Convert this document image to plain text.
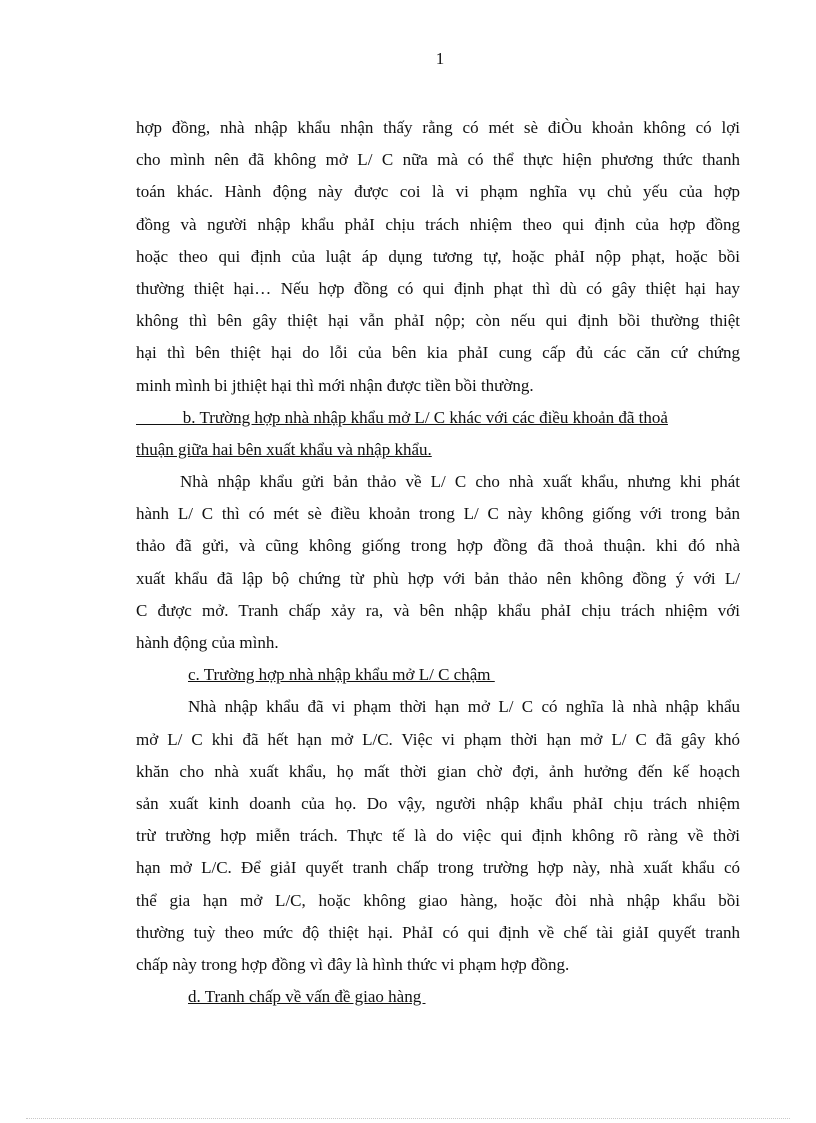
1
hợp đồng, nhà nhập khẩu nhận thấy rằng có mét sè điÒu khoản không có lợi
cho mình nên đã không mở L/ C nữa mà có thể thực hiện phương thức thanh
toán khác. Hành động này được coi là vi phạm nghĩa vụ chủ yếu của hợp
đồng và người nhập khẩu phảI chịu trách nhiệm theo qui định của hợp đồng
hoặc theo qui định của luật áp dụng tương tự, hoặc phảI nộp phạt, hoặc bồi
thường thiệt hại… Nếu hợp đồng có qui định phạt thì dù có gây thiệt hại hay
không thì bên gây thiệt hại vẫn phảI nộp; còn nếu qui định bồi thường thiệt
hại thì bên thiệt hại do lỗi của bên kia phảI cung cấp đủ các căn cứ chứng
minh mình bi jthiệt hại thì mới nhận được tiền bồi thường.
b. Trường hợp nhà nhập khẩu mở L/ C khác với các điều khoản đã thoả
thuận giữa hai bên xuất khẩu và nhập khẩu.
Nhà nhập khẩu gửi bản thảo về L/ C cho nhà xuất khẩu, nhưng khi phát
hành L/ C thì có mét sè điều khoản trong L/ C này không giống với trong bản
thảo đã gửi, và cũng không giống trong hợp đồng đã thoả thuận. khi đó nhà
xuất khẩu đã lập bộ chứng từ phù hợp với bản thảo nên không đồng ý với L/
C được mở. Tranh chấp xảy ra, và bên nhập khẩu phảI chịu trách nhiệm với
hành động của mình.
c. Trường hợp nhà nhập khẩu mở L/ C chậm
Nhà nhập khẩu đã vi phạm thời hạn mở L/ C có nghĩa là nhà nhập khẩu
mở L/ C khi đã hết hạn mở L/C. Việc vi phạm thời hạn mở L/ C đã gây khó
khăn cho nhà xuất khẩu, họ mất thời gian chờ đợi, ảnh hưởng đến kế hoạch
sản xuất kinh doanh của họ. Do vậy, người nhập khẩu phảI chịu trách nhiệm
trừ trường hợp miễn trách. Thực tế là do việc qui định không rõ ràng về thời
hạn mở L/C. Để giảI quyết tranh chấp trong trường hợp này, nhà xuất khẩu có
thể gia hạn mở L/C, hoặc không giao hàng, hoặc đòi nhà nhập khẩu bồi
thường tuỳ theo mức độ thiệt hại. PhảI có qui định về chế tài giảI quyết tranh
chấp này trong hợp đồng vì đây là hình thức vi phạm hợp đồng.
d. Tranh chấp về vấn đề giao hàng
